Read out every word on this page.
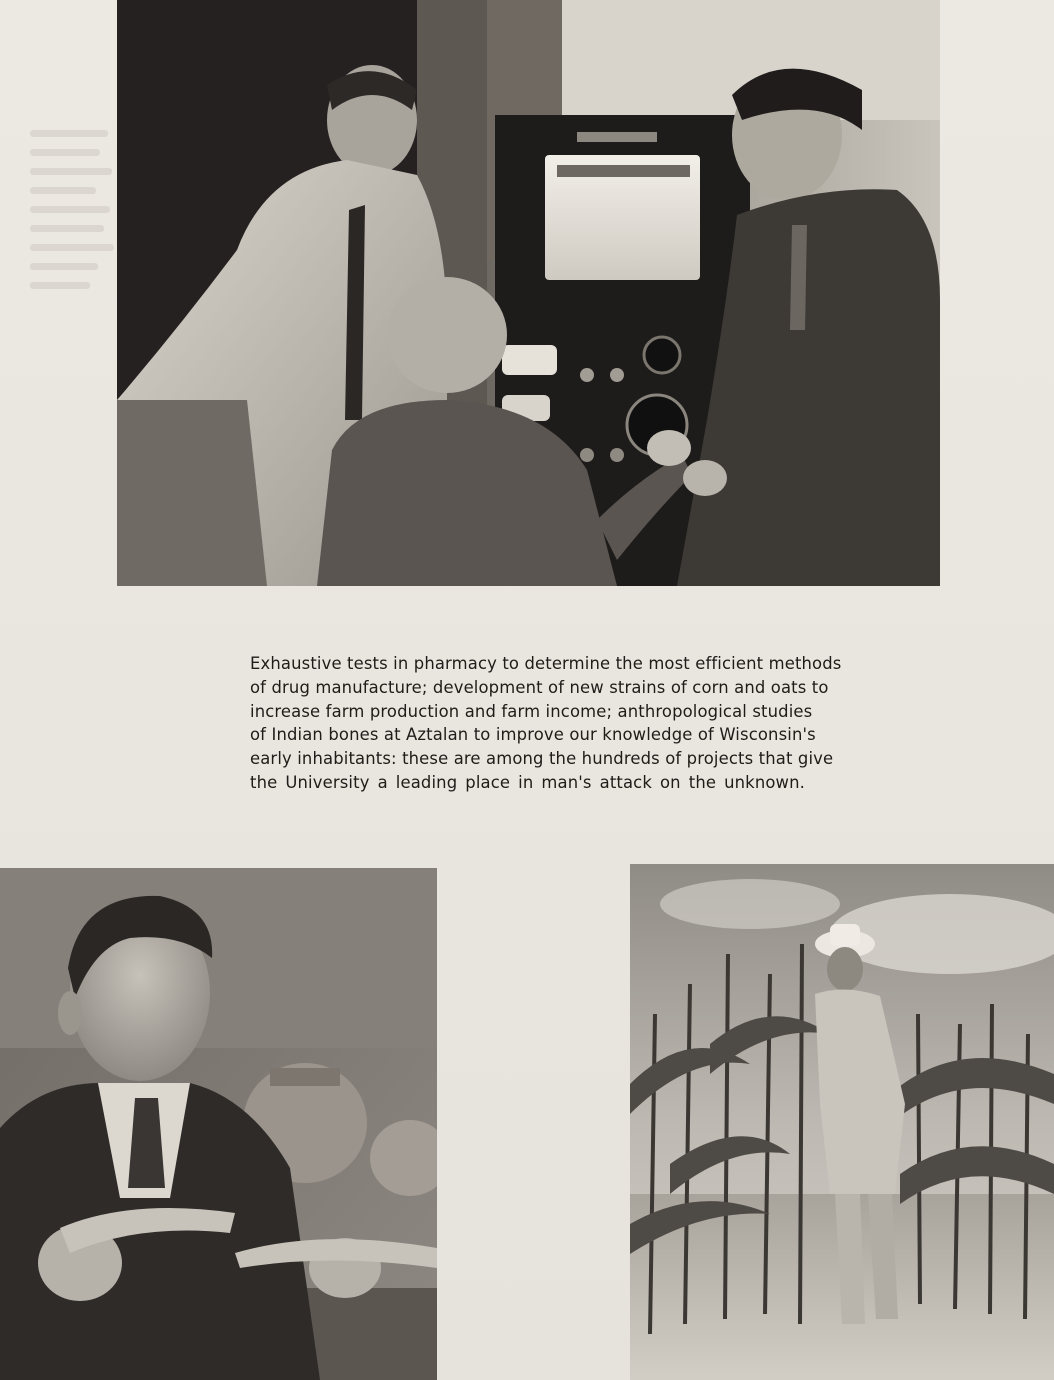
Exhaustive tests in pharmacy to determine the most efficient methods
of drug manufacture; development of new strains of corn and oats to
increase farm production and farm income; anthropological studies
of Indian bones at Aztalan to improve our knowledge of Wisconsin's
early inhabitants: these are among the hundreds of projects that give
the University a leading place in man's attack on the unknown.
